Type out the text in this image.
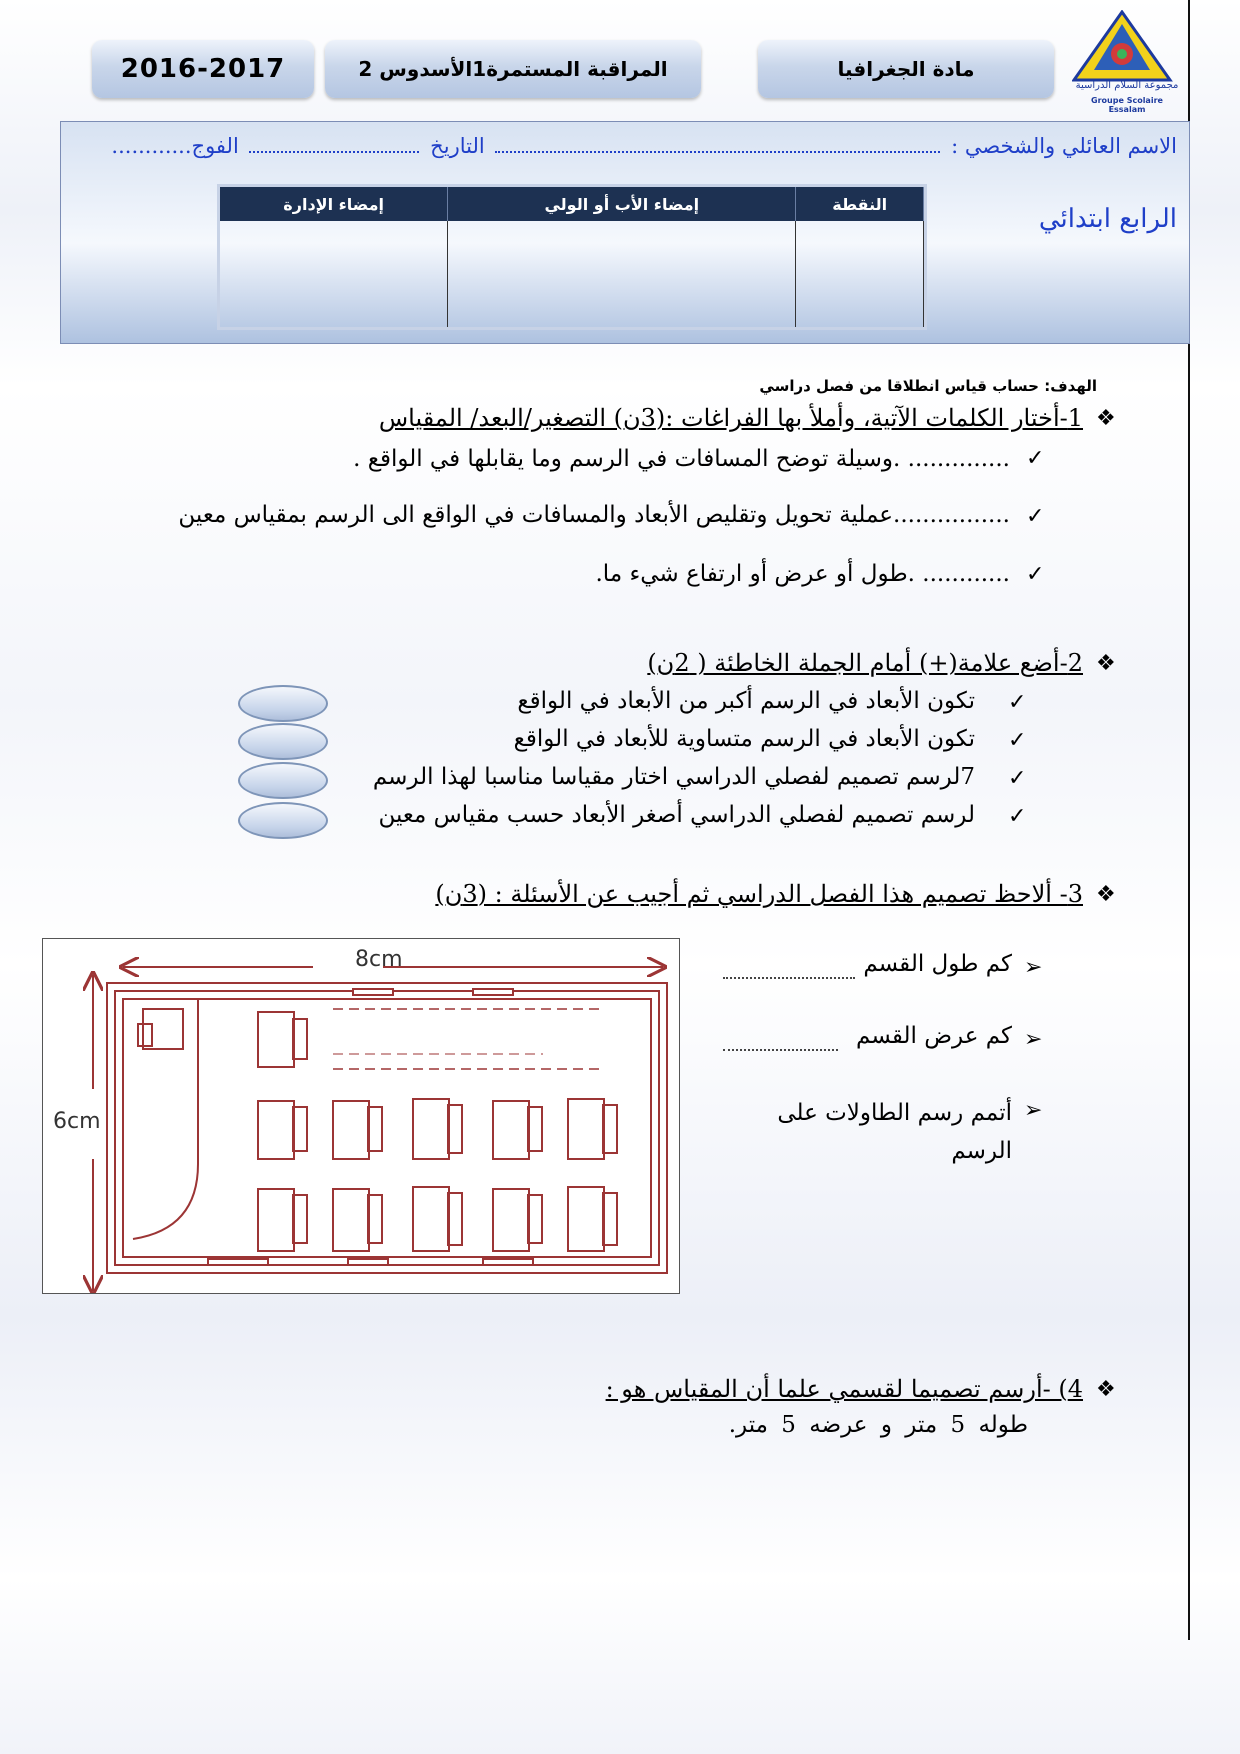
مجموعة السلام الدراسية
Groupe Scolaire Essalam
2016-2017	المراقبة المستمرة1الأسدوس 2	مادة الجغرافيا
الاسم العائلي والشخصي :  التاريخ  الفوج............
الرابع ابتدائي
النقطة	إمضاء الأب أو الولي	إمضاء الإدارة

الهدف: حساب قياس انطلاقا من فصل دراسي
❖
1-أختار الكلمات الآتية، وأملأ بها الفراغات :(3ن) التصغير/البعد/ المقياس
✓
.............. .وسيلة توضح المسافات في الرسم وما يقابلها في الواقع .
✓
................عملية تحويل وتقليص الأبعاد والمسافات في الواقع الى الرسم بمقياس معين
✓
............ .طول أو عرض أو ارتفاع شيء ما.
❖
2-أضع علامة(+) أمام الجملة الخاطئة ( 2ن)
✓
تكون الأبعاد في الرسم أكبر من الأبعاد في الواقع
✓
تكون الأبعاد في الرسم متساوية للأبعاد في الواقع
✓
7لرسم تصميم لفصلي الدراسي اختار مقياسا مناسبا لهذا الرسم
✓
لرسم تصميم لفصلي الدراسي أصغر الأبعاد حسب مقياس معين
❖
3- ألاحظ تصميم هذا الفصل الدراسي ثم أجيب عن الأسئلة : (3ن)
8cm
6cm
➢
كم طول القسم
➢
كم عرض القسم
➢
أتمم رسم الطاولات على الرسم
❖
4) -أرسم تصميما لقسمي علما أن المقياس هو :
طوله 5 متر و عرضه 5 متر.
